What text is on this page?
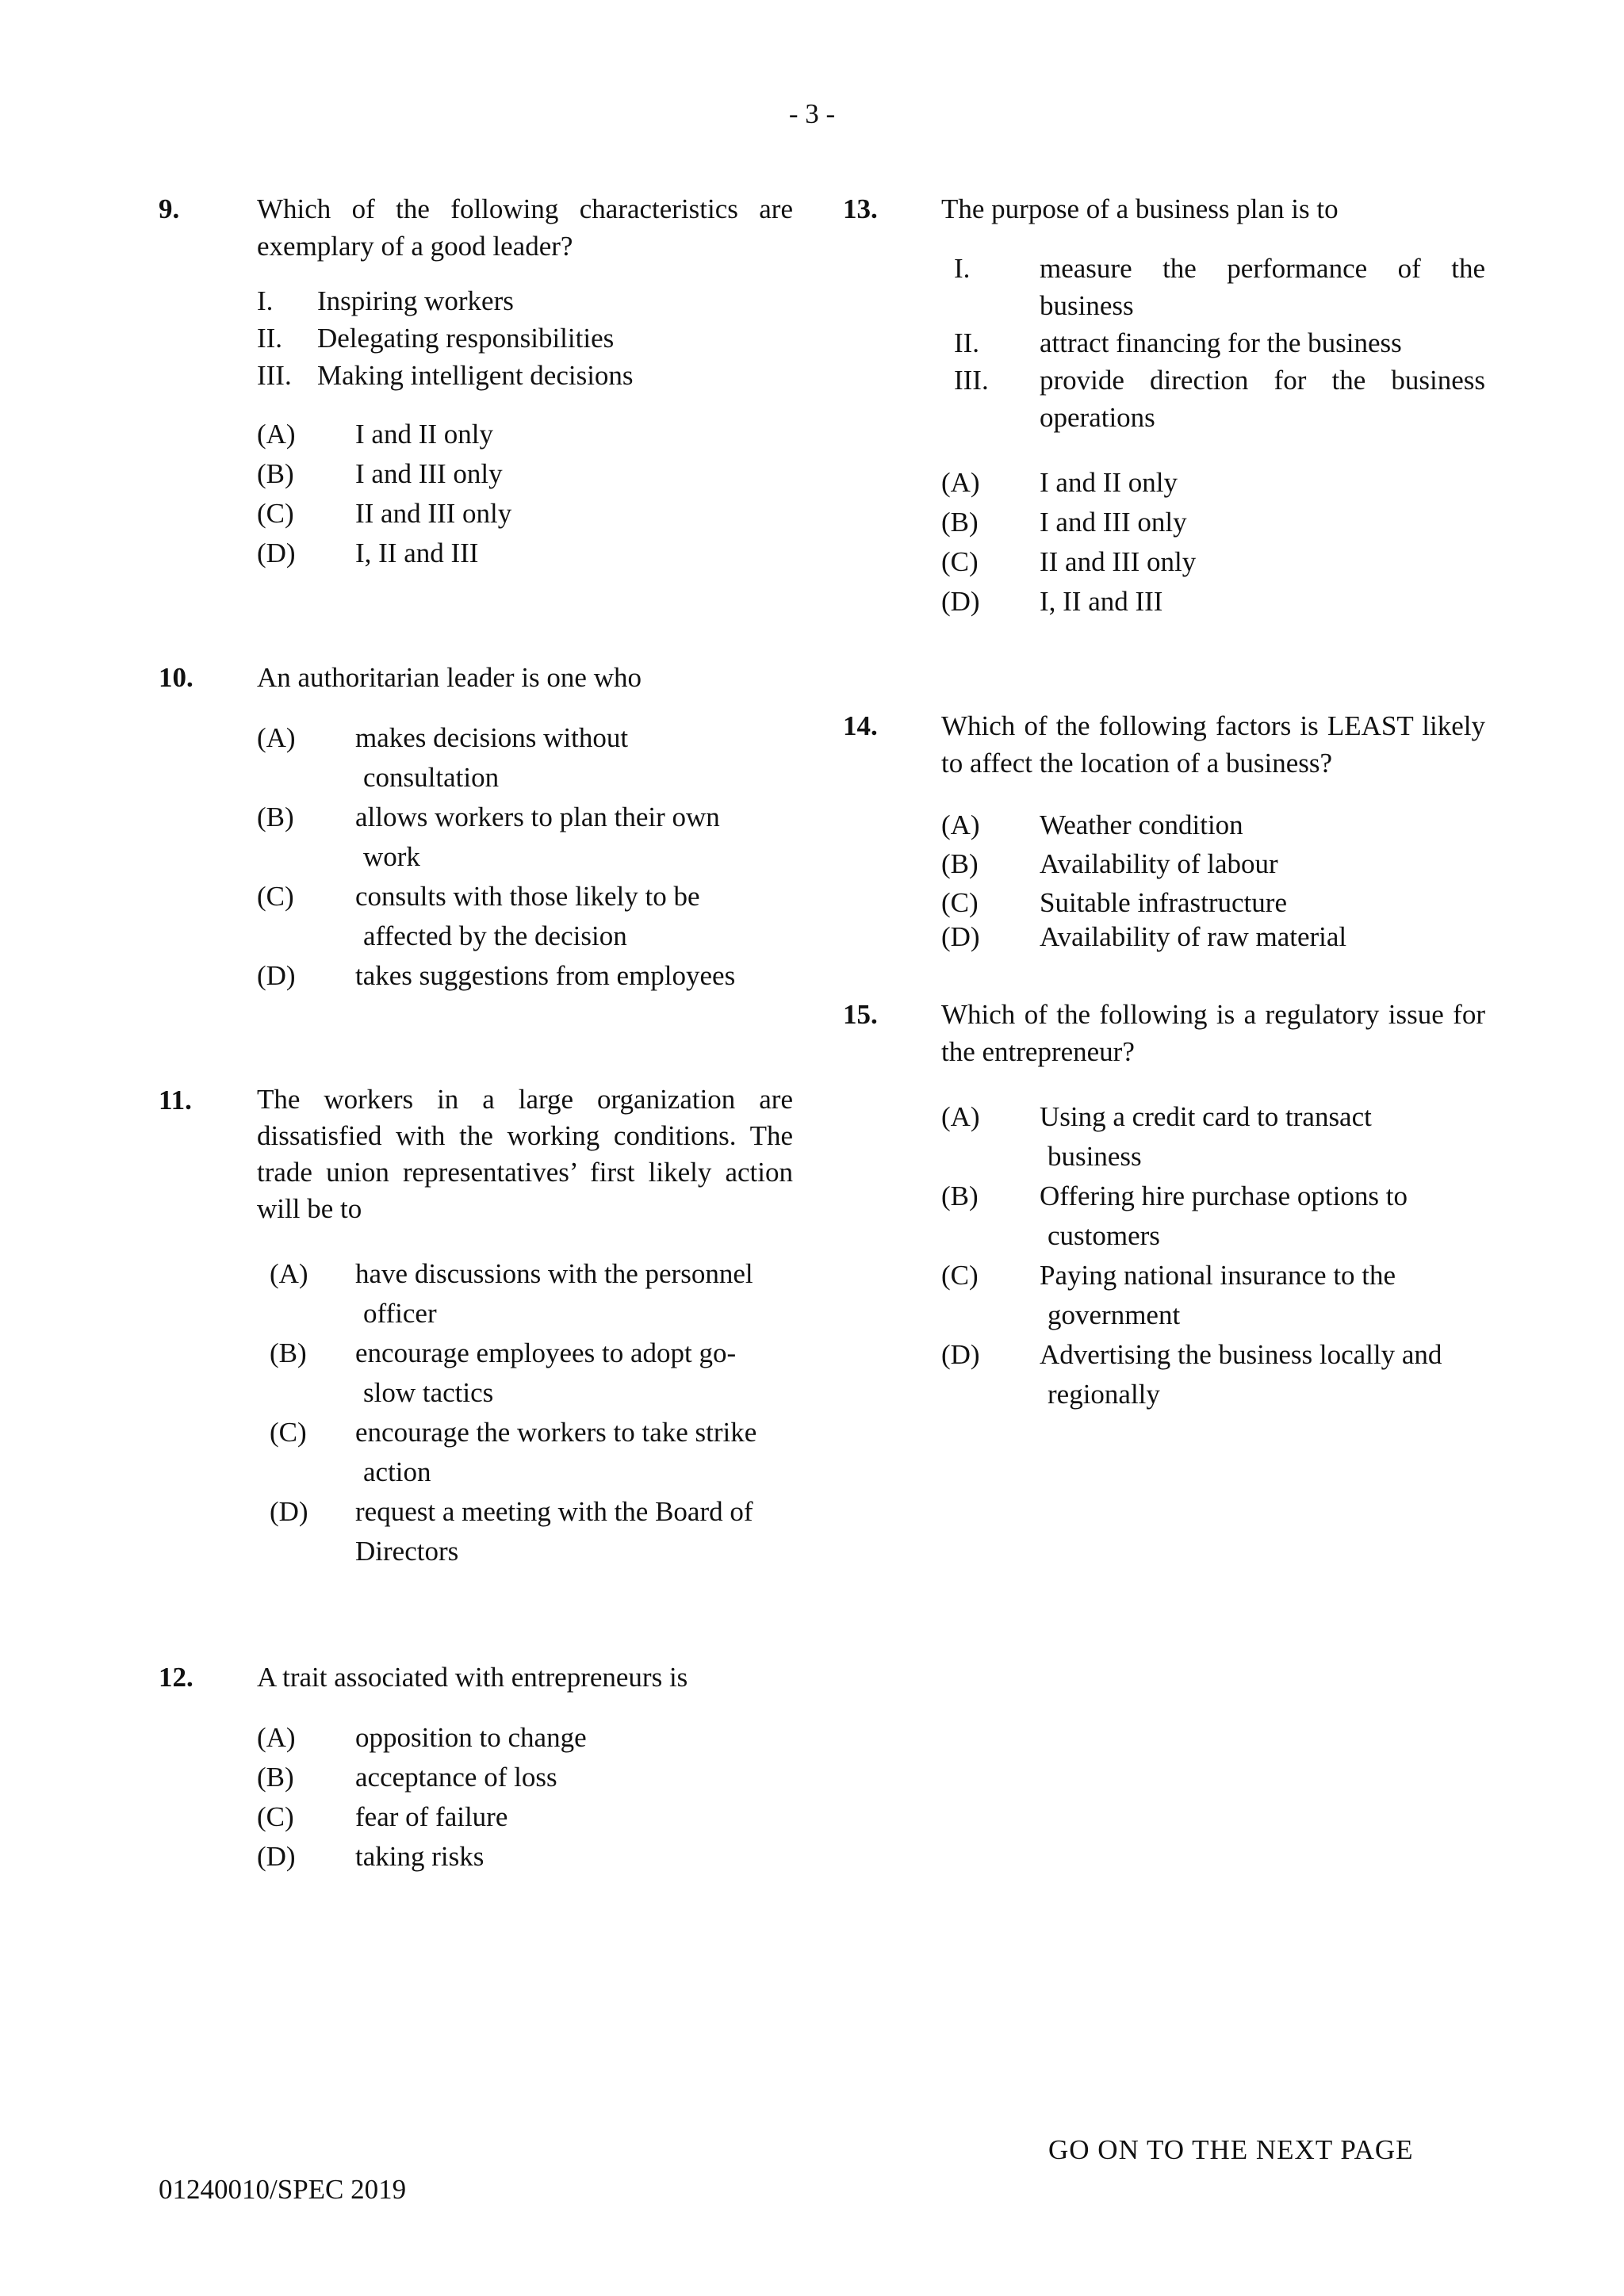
- 3 -
9.	Which of the following characteristics are exemplary of a good leader?
I. Inspiring workers
II. Delegating responsibilities
III. Making intelligent decisions
(A) I and II only
(B) I and III only
(C) II and III only
(D) I, II and III
10. An authoritarian leader is one who
(A) makes decisions without
consultation
(B) allows workers to plan their own
work
(C) consults with those likely to be
affected by the decision
(D) takes suggestions from employees
11. The workers in a large organization are dissatisfied with the working conditions. The trade union representatives’ first likely action will be to
(A) have discussions with the personnel
officer
(B) encourage employees to adopt go-
slow tactics
(C) encourage the workers to take strike
action
(D) request a meeting with the Board of
Directors
12. A trait associated with entrepreneurs is
(A) opposition to change
(B) acceptance of loss
(C) fear of failure
(D) taking risks
13. The purpose of a business plan is to
I.	measure the performance of the business
II. attract financing for the business
III. provide direction for the business operations
(A) I and II only
(B) I and III only
(C) II and III only
(D) I, II and III
14. Which of the following factors is LEAST likely to affect the location of a business?
(A) Weather condition
(B) Availability of labour
(C) Suitable infrastructure
(D) Availability of raw material
15. Which of the following is a regulatory issue for the entrepreneur?
(A) Using a credit card to transact
business
(B) Offering hire purchase options to
customers
(C) Paying national insurance to the
government
(D) Advertising the business locally and
regionally
GO ON TO THE NEXT PAGE
01240010/SPEC 2019
